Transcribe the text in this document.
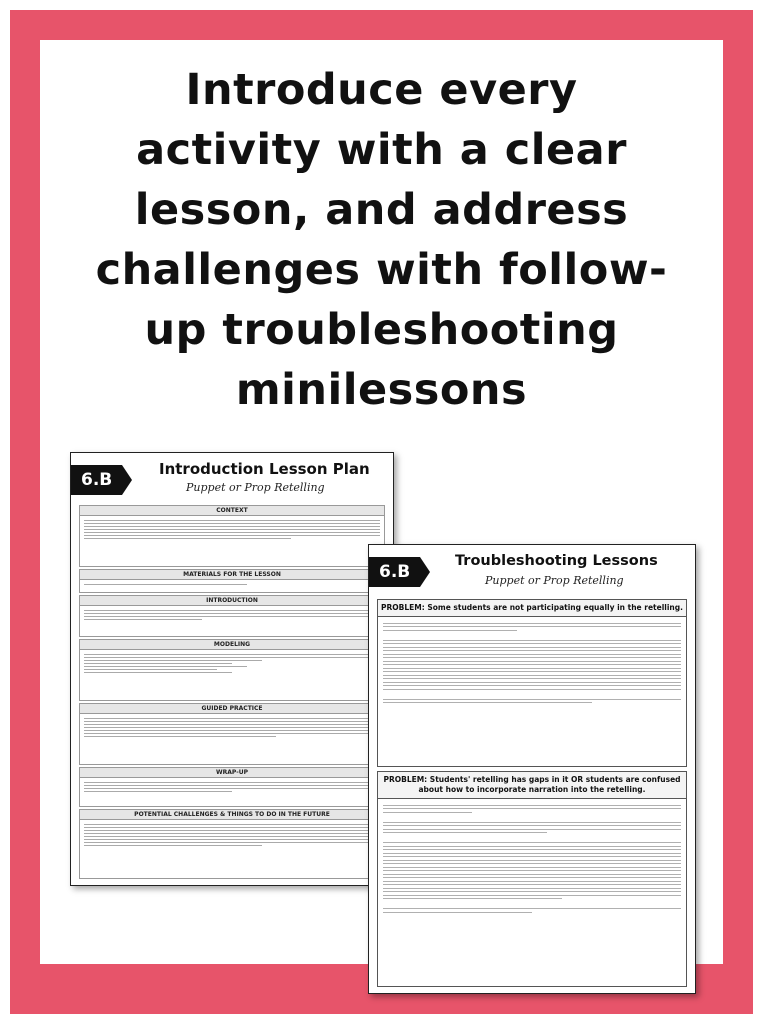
Introduce every
activity with a clear
lesson, and address
challenges with follow-
up troubleshooting
minilessons
6.B
Introduction Lesson Plan
Puppet or Prop Retelling
CONTEXT
MATERIALS FOR THE LESSON
INTRODUCTION
MODELING
GUIDED PRACTICE
WRAP-UP
POTENTIAL CHALLENGES & THINGS TO DO IN THE FUTURE
6.B
Troubleshooting Lessons
Puppet or Prop Retelling
PROBLEM: Some students are not participating equally in the retelling.
PROBLEM: Students' retelling has gaps in it OR students are confused about how to incorporate narration into the retelling.
